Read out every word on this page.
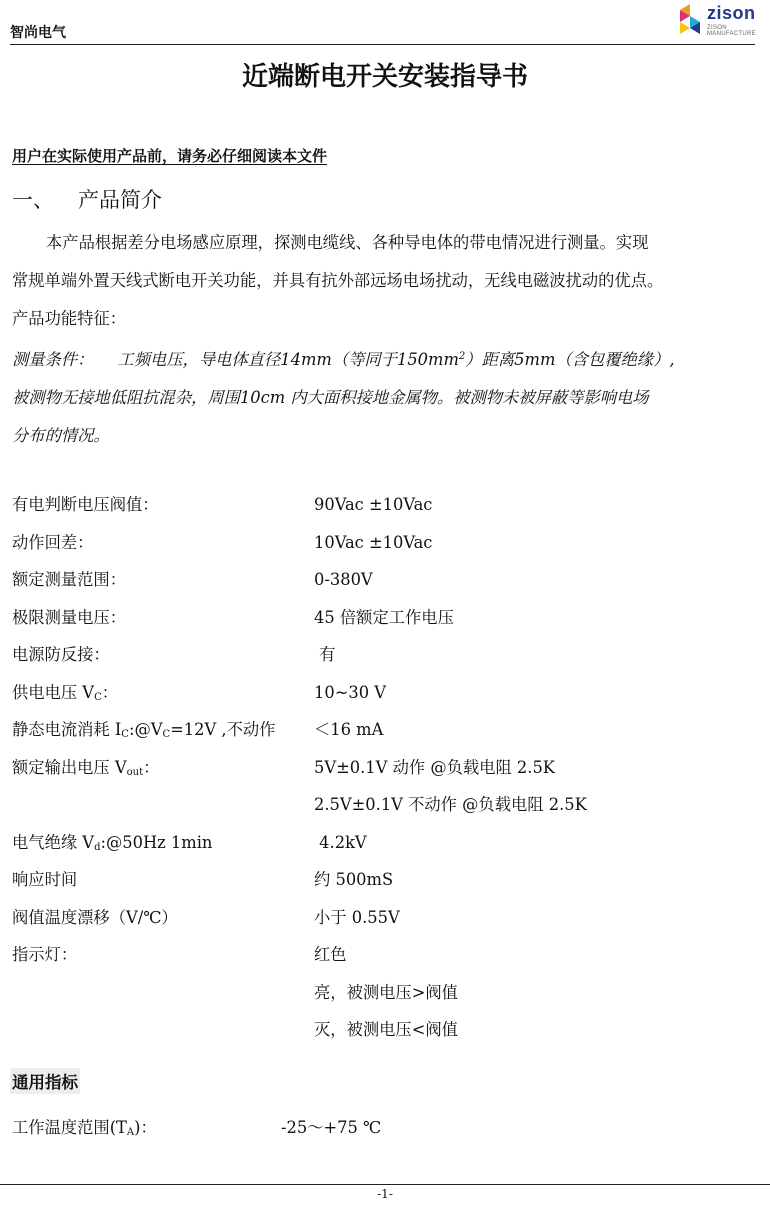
智尚电气
zison
ZISON MANUFACTURE
近端断电开关安装指导书
用户在实际使用产品前，请务必仔细阅读本文件
一、 产品简介
本产品根据差分电场感应原理，探测电缆线、各种导电体的带电情况进行测量。实现
常规单端外置天线式断电开关功能，并具有抗外部远场电场扰动，无线电磁波扰动的优点。
产品功能特征：
测量条件： 工频电压，导电体直径14mm（等同于$150mm^2$）距离5mm（含包覆绝缘）,
被测物无接地低阻抗混杂，周围10cm 内大面积接地金属物。被测物未被屏蔽等影响电场
分布的情况。
有电判断电压阀值：	90Vac ±10Vac
动作回差：	10Vac ±10Vac
额定测量范围：	0-380V
极限测量电压：	45 倍额定工作电压
电源防反接：	有
供电电压 $V_C$：	10~30 V
静态电流消耗 $I_C:@V_C=12V$ ,不动作 ＜16 mA
额定输出电压 $V_{out}$：	5V±0.1V 动作 @负载电阻 2.5K
2.5V±0.1V 不动作 @负载电阻 2.5K
电气绝缘 $V_d:@50Hz$ 1min	4.2kV
响应时间	约 500mS
阀值温度漂移（V/℃）	小于 0.55V
指示灯：	红色
亮，被测电压>阀值
灭，被测电压<阀值
通用指标
工作温度范围$(T_A)$：	-25～+75 ℃
-1-
